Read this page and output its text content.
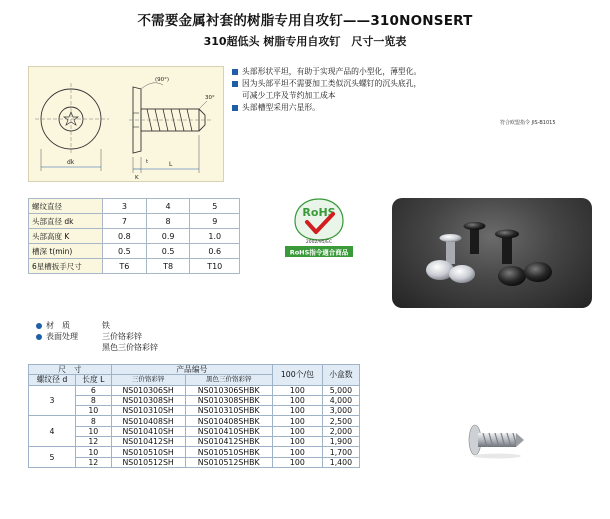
不需要金属衬套的树脂专用自攻钉——310NONSERT
310超低头 树脂专用自攻钉　尺寸一览表
dk
(90°)
30°
K
t	L
头部形状平坦，有助于实现产品的小型化，薄型化。
因为头部平坦不需要加工类似沉头螺钉的沉头底孔，
可减少工序及节约加工成本
头部槽型采用六星形。
符合欧盟指令 JIS-B1015
螺纹直径	3	4	5
头部直径 dk	7	8	9
头部高度 K	0.8	0.9	1.0
槽深 t(min)	0.5	0.5	0.6
6星槽扳手尺寸	T6	T8	T10
RoHS
2002/95/EC
RoHS指令適合商品
材　质	铁
表面处理	三价铬彩锌
黑色三价铬彩锌
尺　寸		产品编号		100个/包	小盒数
螺纹径 d	长度 L	三价铬彩锌	黑色三价铬彩锌		
3	6	NS010306SH	NS010306SHBK	100	5,000
	8	NS010308SH	NS010308SHBK	100	4,000
	10	NS010310SH	NS010310SHBK	100	3,000
4	8	NS010408SH	NS010408SHBK	100	2,500
	10	NS010410SH	NS010410SHBK	100	2,000
	12	NS010412SH	NS010412SHBK	100	1,900
5	10	NS010510SH	NS010510SHBK	100	1,700
	12	NS010512SH	NS010512SHBK	100	1,400
